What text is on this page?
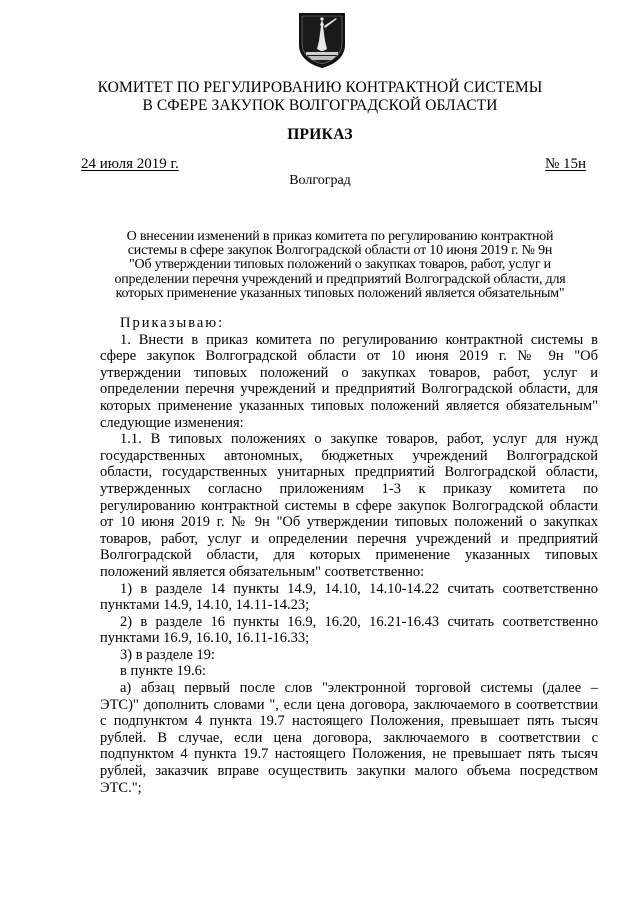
КОМИТЕТ ПО РЕГУЛИРОВАНИЮ КОНТРАКТНОЙ СИСТЕМЫ
В СФЕРЕ ЗАКУПОК ВОЛГОГРАДСКОЙ ОБЛАСТИ
ПРИКАЗ
24 июля 2019 г.	№ 15н
Волгоград
О внесении изменений в приказ комитета по регулированию контрактной
системы в сфере закупок Волгоградской области от 10 июня 2019 г. № 9н
"Об утверждении типовых положений о закупках товаров, работ, услуг и
определении перечня учреждений и предприятий Волгоградской области, для
которых применение указанных типовых положений является обязательным"
Приказываю:
1. Внести в приказ комитета по регулированию контрактной системы в
сфере закупок Волгоградской области от 10 июня 2019 г. № 9н "Об
утверждении типовых положений о закупках товаров, работ, услуг и
определении перечня учреждений и предприятий Волгоградской области, для
которых применение указанных типовых положений является обязательным"
следующие изменения:
1.1. В типовых положениях о закупке товаров, работ, услуг для нужд
государственных автономных, бюджетных учреждений Волгоградской
области, государственных унитарных предприятий Волгоградской области,
утвержденных согласно приложениям 1-3 к приказу комитета по
регулированию контрактной системы в сфере закупок Волгоградской области
от 10 июня 2019 г. № 9н "Об утверждении типовых положений о закупках
товаров, работ, услуг и определении перечня учреждений и предприятий
Волгоградской области, для которых применение указанных типовых
положений является обязательным" соответственно:
1) в разделе 14 пункты 14.9, 14.10, 14.10-14.22 считать соответственно
пунктами 14.9, 14.10, 14.11-14.23;
2) в разделе 16 пункты 16.9, 16.20, 16.21-16.43 считать соответственно
пунктами 16.9, 16.10, 16.11-16.33;
3) в разделе 19:
в пункте 19.6:
а) абзац первый после слов "электронной торговой системы (далее –
ЭТС)" дополнить словами ", если цена договора, заключаемого в соответствии
с подпунктом 4 пункта 19.7 настоящего Положения, превышает пять тысяч
рублей. В случае, если цена договора, заключаемого в соответствии с
подпунктом 4 пункта 19.7 настоящего Положения, не превышает пять тысяч
рублей, заказчик вправе осуществить закупки малого объема посредством
ЭТС.";
